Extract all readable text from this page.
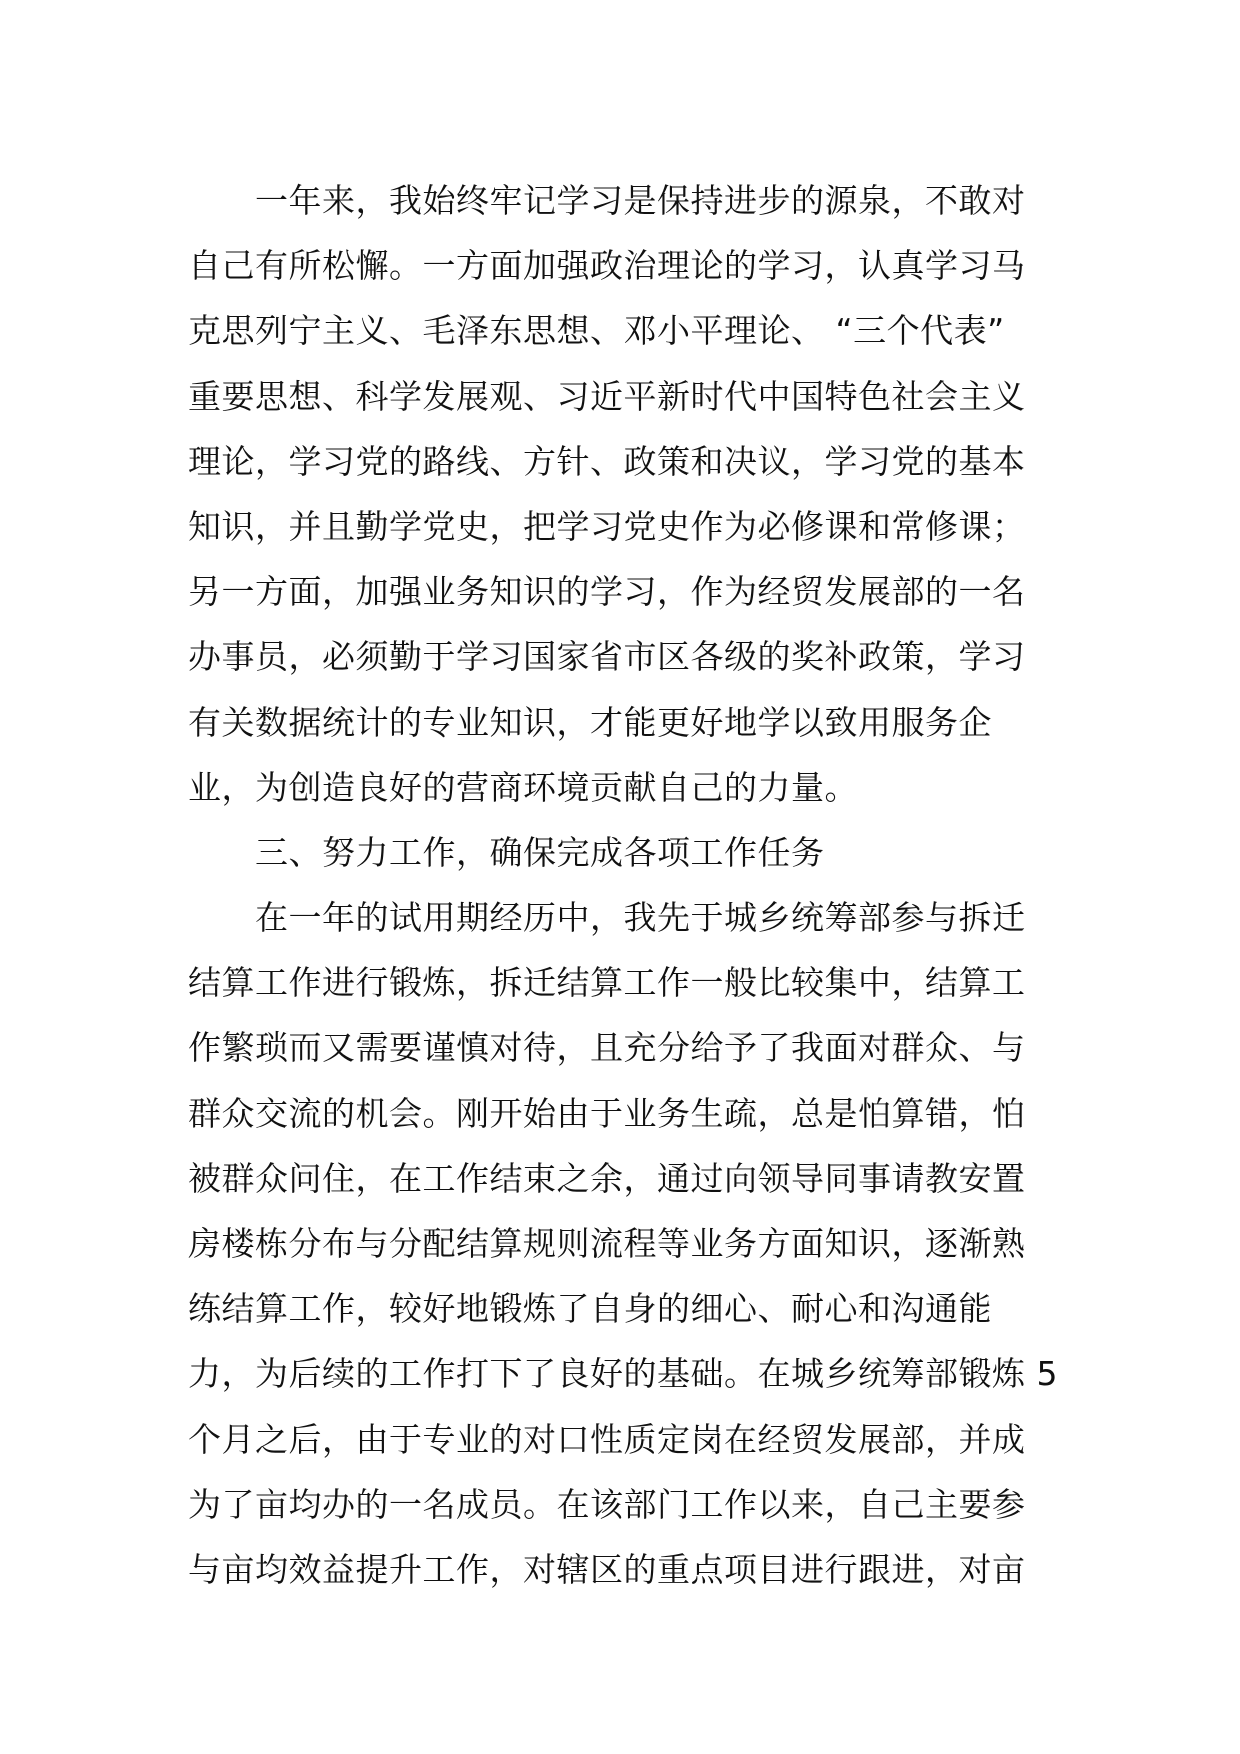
一年来，我始终牢记学习是保持进步的源泉，不敢对
自己有所松懈。一方面加强政治理论的学习，认真学习马
克思列宁主义、毛泽东思想、邓小平理论、 “三个代表”
重要思想、科学发展观、习近平新时代中国特色社会主义
理论，学习党的路线、方针、政策和决议，学习党的基本
知识，并且勤学党史，把学习党史作为必修课和常修课；
另一方面，加强业务知识的学习，作为经贸发展部的一名
办事员，必须勤于学习国家省市区各级的奖补政策，学习
有关数据统计的专业知识，才能更好地学以致用服务企
业，为创造良好的营商环境贡献自己的力量。
三、努力工作，确保完成各项工作任务
在一年的试用期经历中，我先于城乡统筹部参与拆迁
结算工作进行锻炼，拆迁结算工作一般比较集中，结算工
作繁琐而又需要谨慎对待，且充分给予了我面对群众、与
群众交流的机会。刚开始由于业务生疏，总是怕算错，怕
被群众问住，在工作结束之余，通过向领导同事请教安置
房楼栋分布与分配结算规则流程等业务方面知识，逐渐熟
练结算工作，较好地锻炼了自身的细心、耐心和沟通能
力，为后续的工作打下了良好的基础。在城乡统筹部锻炼 5
个月之后，由于专业的对口性质定岗在经贸发展部，并成
为了亩均办的一名成员。在该部门工作以来，自己主要参
与亩均效益提升工作，对辖区的重点项目进行跟进，对亩
